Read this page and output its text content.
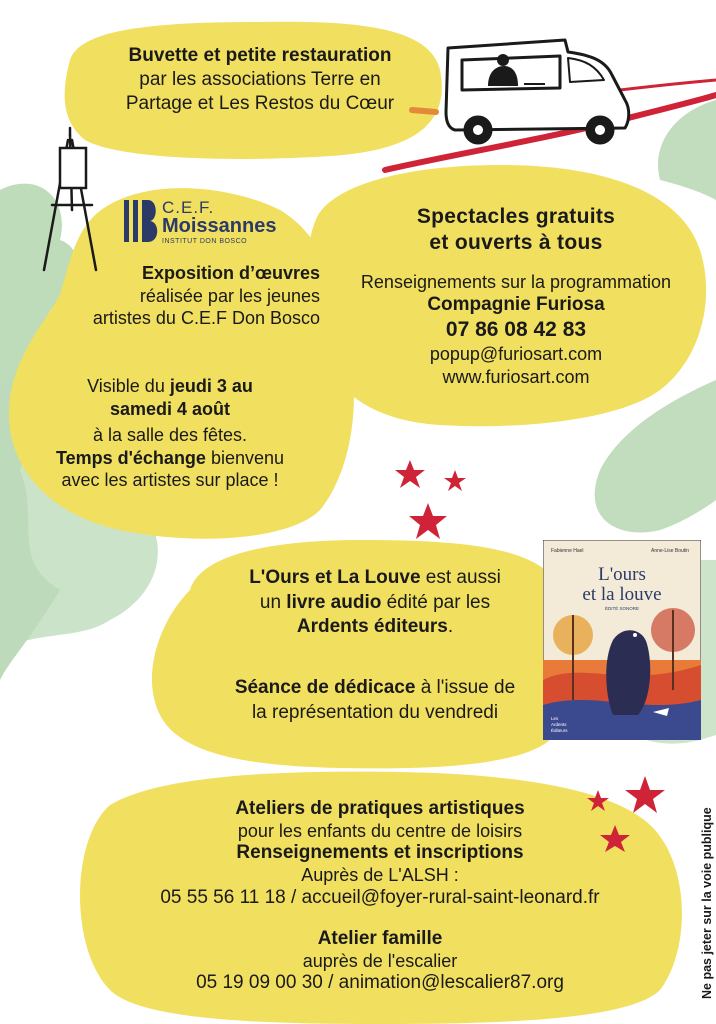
Buvette et petite restauration
par les associations Terre en
Partage et Les Restos du Cœur
C.E.F.
Moissannes
INSTITUT DON BOSCO
Exposition d’œuvres
réalisée par les jeunes
artistes du C.E.F Don Bosco
Visible du jeudi 3 au
samedi 4 août
à la salle des fêtes.
Temps d'échange bienvenu
avec les artistes sur place !
Spectacles gratuits
et ouverts à tous
Renseignements sur la programmation
Compagnie Furiosa
07 86 08 42 83
popup@furiosart.com
www.furiosart.com
L'Ours et La Louve est aussi
un livre audio édité par les
Ardents éditeurs.
Séance de dédicace à l'issue de
la représentation du vendredi
Fabienne Hael	Anne-Lise Boutin
L'ours
et la louve
ÉDITÉ SONORE
Les
Ardents
Éditeurs
Ateliers de pratiques artistiques
pour les enfants du centre de loisirs
Renseignements et inscriptions
Auprès de L'ALSH :
05 55 56 11 18 / accueil@foyer-rural-saint-leonard.fr
Atelier famille
auprès de l'escalier
05 19 09 00 30 / animation@lescalier87.org	Ne pas jeter sur la voie publique
